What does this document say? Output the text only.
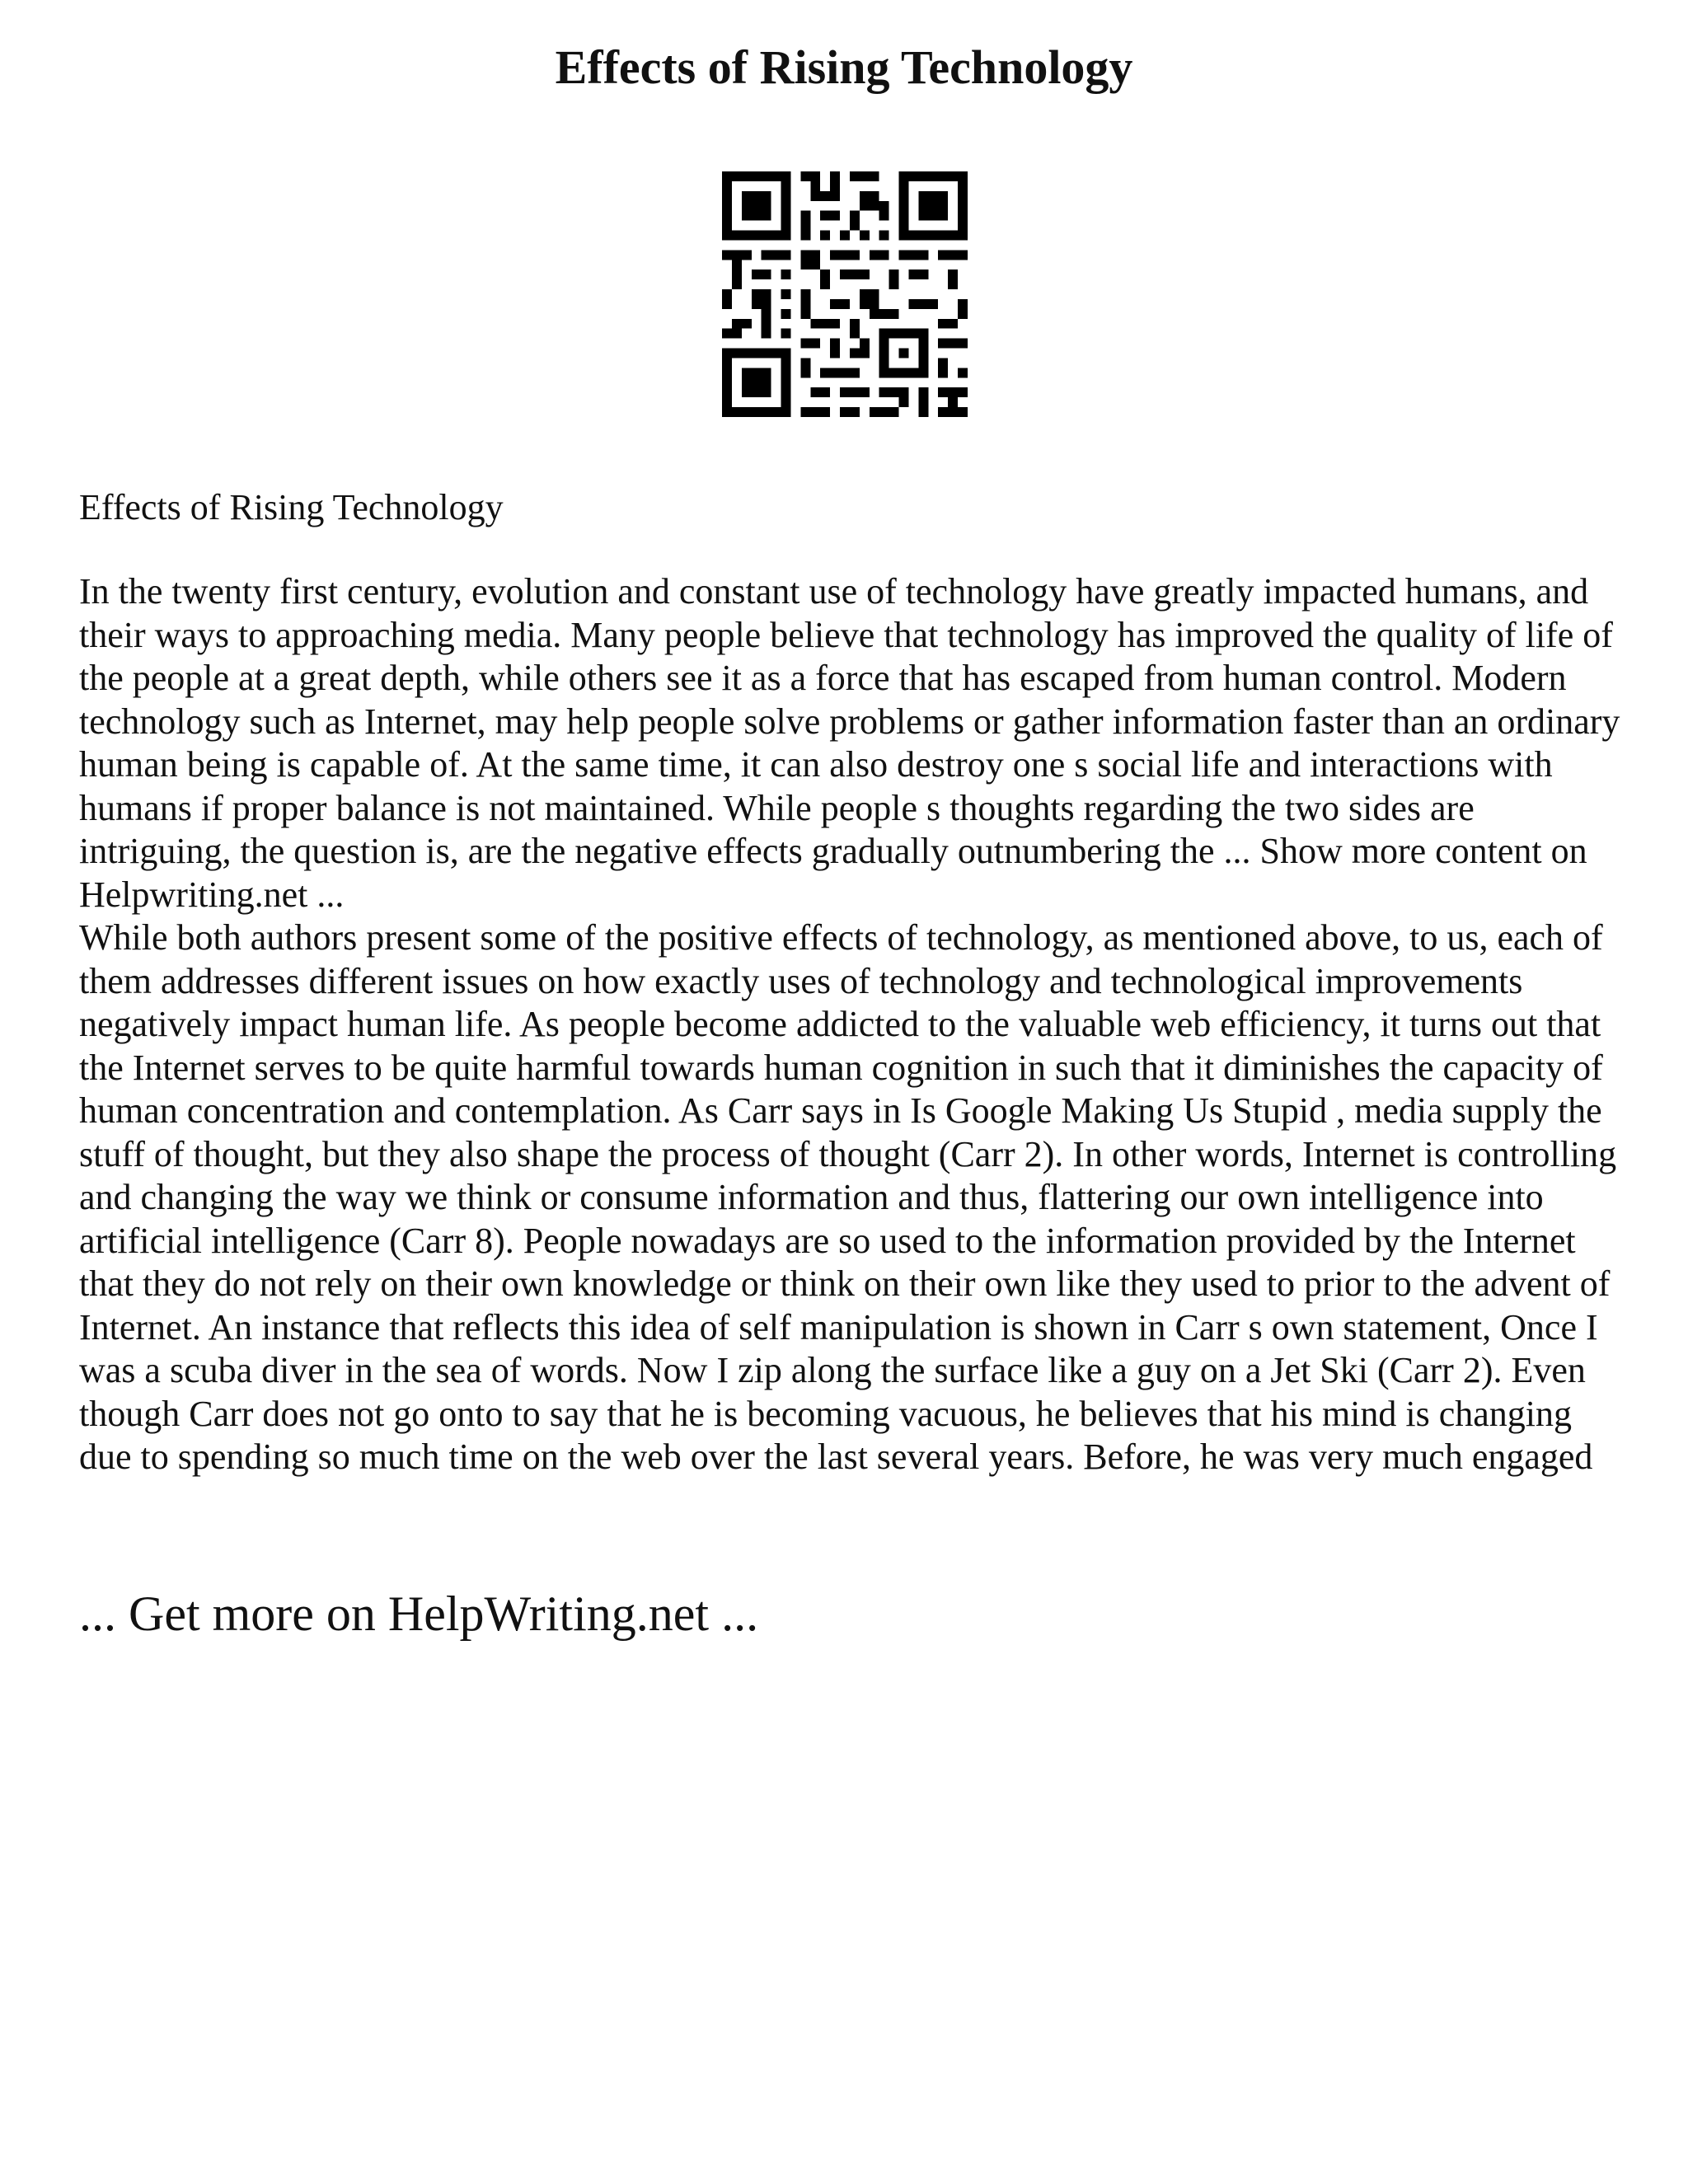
Effects of Rising Technology
Effects of Rising Technology

In the twenty first century, evolution and constant use of technology have greatly impacted humans, and their ways to approaching media. Many people believe that technology has improved the quality of life of the people at a great depth, while others see it as a force that has escaped from human control. Modern technology such as Internet, may help people solve problems or gather information faster than an ordinary human being is capable of. At the same time, it can also destroy one s social life and interactions with humans if proper balance is not maintained. While people s thoughts regarding the two sides are intriguing, the question is, are the negative effects gradually outnumbering the ... Show more content on Helpwriting.net ...

While both authors present some of the positive effects of technology, as mentioned above, to us, each of them addresses different issues on how exactly uses of technology and technological improvements negatively impact human life. As people become addicted to the valuable web efficiency, it turns out that the Internet serves to be quite harmful towards human cognition in such that it diminishes the capacity of human concentration and contemplation. As Carr says in Is Google Making Us Stupid , media supply the stuff of thought, but they also shape the process of thought (Carr 2). In other words, Internet is controlling and changing the way we think or consume information and thus, flattering our own intelligence into artificial intelligence (Carr 8). People nowadays are so used to the information provided by the Internet that they do not rely on their own knowledge or think on their own like they used to prior to the advent of Internet. An instance that reflects this idea of self manipulation is shown in Carr s own statement, Once I was a scuba diver in the sea of words. Now I zip along the surface like a guy on a Jet Ski (Carr 2). Even though Carr does not go onto to say that he is becoming vacuous, he believes that his mind is changing due to spending so much time on the web over the last several years. Before, he was very much engaged

... Get more on HelpWriting.net ...
